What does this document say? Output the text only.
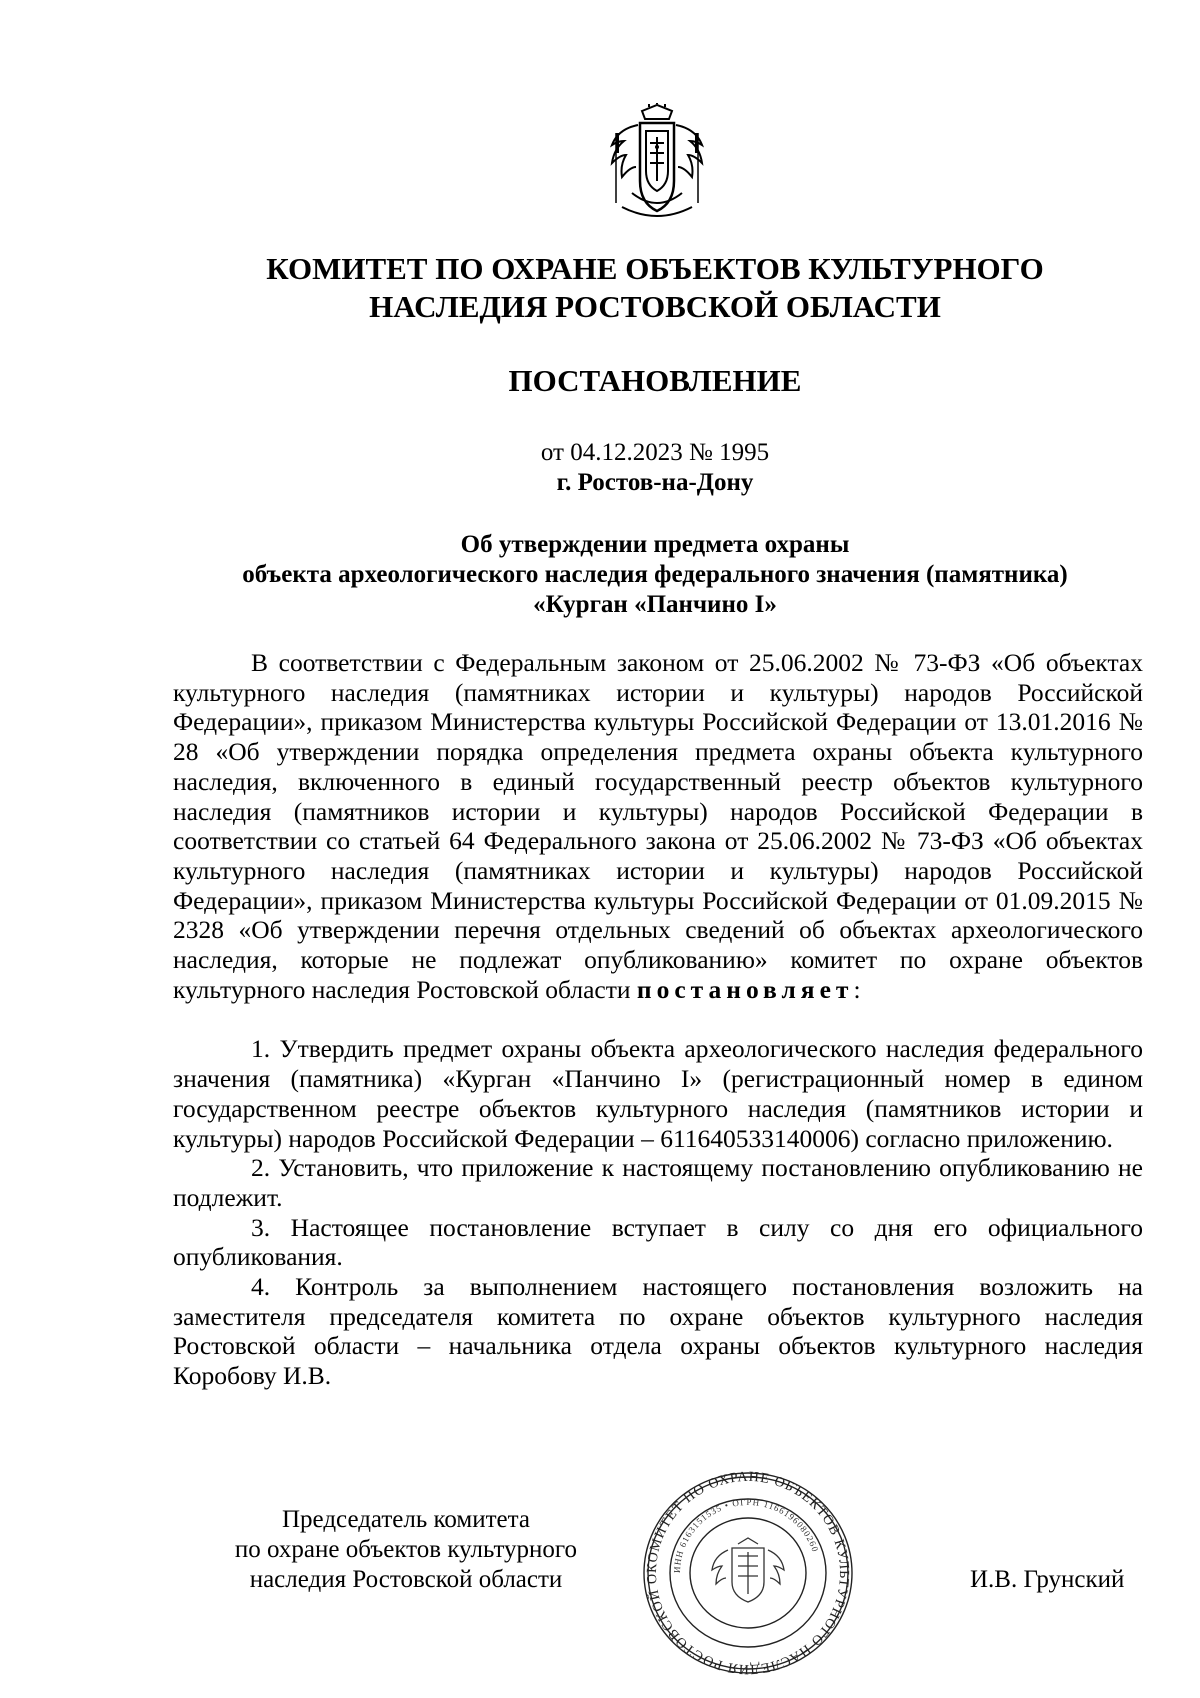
КОМИТЕТ ПО ОХРАНЕ ОБЪЕКТОВ КУЛЬТУРНОГО
НАСЛЕДИЯ РОСТОВСКОЙ ОБЛАСТИ
ПОСТАНОВЛЕНИЕ
от 04.12.2023 № 1995
г. Ростов-на-Дону
Об утверждении предмета охраны
объекта археологического наследия федерального значения (памятника)
«Курган «Панчино I»

В соответствии с Федеральным законом от 25.06.2002 № 73-ФЗ «Об объектах культурного наследия (памятниках истории и культуры) народов Российской Федерации», приказом Министерства культуры Российской Федерации от 13.01.2016 № 28 «Об утверждении порядка определения предмета охраны объекта культурного наследия, включенного в единый государственный реестр объектов культурного наследия (памятников истории и культуры) народов Российской Федерации в соответствии со статьей 64 Федерального закона от 25.06.2002 № 73-ФЗ «Об объектах культурного наследия (памятниках истории и культуры) народов Российской Федерации», приказом Министерства культуры Российской Федерации от 01.09.2015 № 2328 «Об утверждении перечня отдельных сведений об объектах археологического наследия, которые не подлежат опубликованию» комитет по охране объектов культурного наследия Ростовской области постановляет:

1. Утвердить предмет охраны объекта археологического наследия федерального значения (памятника) «Курган «Панчино I» (регистрационный номер в едином государственном реестре объектов культурного наследия (памятников истории и культуры) народов Российской Федерации – 611640533140006) согласно приложению.

2. Установить, что приложение к настоящему постановлению опубликованию не подлежит.

3. Настоящее постановление вступает в силу со дня его официального опубликования.

4. Контроль за выполнением настоящего постановления возложить на заместителя председателя комитета по охране объектов культурного наследия Ростовской области – начальника отдела охраны объектов культурного наследия Коробову И.В.

Председатель комитета
по охране объектов культурного
наследия Ростовской области	КОМИТЕТ ПО ОХРАНЕ ОБЪЕКТОВ КУЛЬТУРНОГО НАСЛЕДИЯ РОСТОВСКОЙ О
ИНН 6163151535 • ОГРН 1166196080260
И.В. Грунский
